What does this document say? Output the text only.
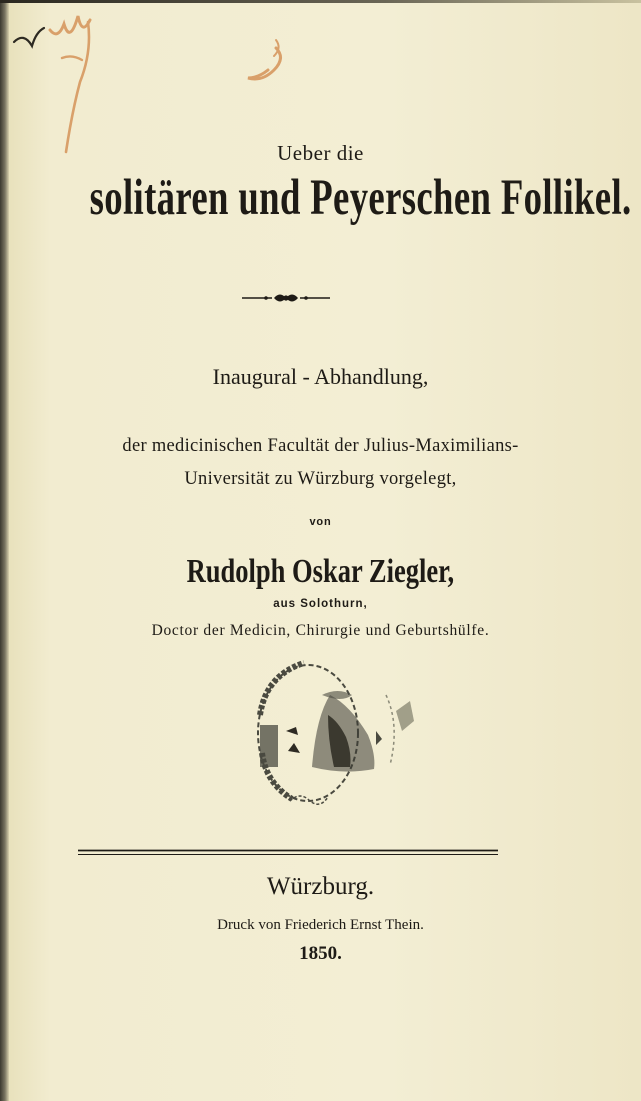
Ueber die
solitären und Peyerschen Follikel.
Inaugural - Abhandlung,
der medicinischen Facultät der Julius-Maximilians-
Universität zu Würzburg vorgelegt,
von
Rudolph Oskar Ziegler,
aus Solothurn,
Doctor der Medicin, Chirurgie und Geburtshülfe.
Würzburg.
Druck von Friederich Ernst Thein.
1850.
